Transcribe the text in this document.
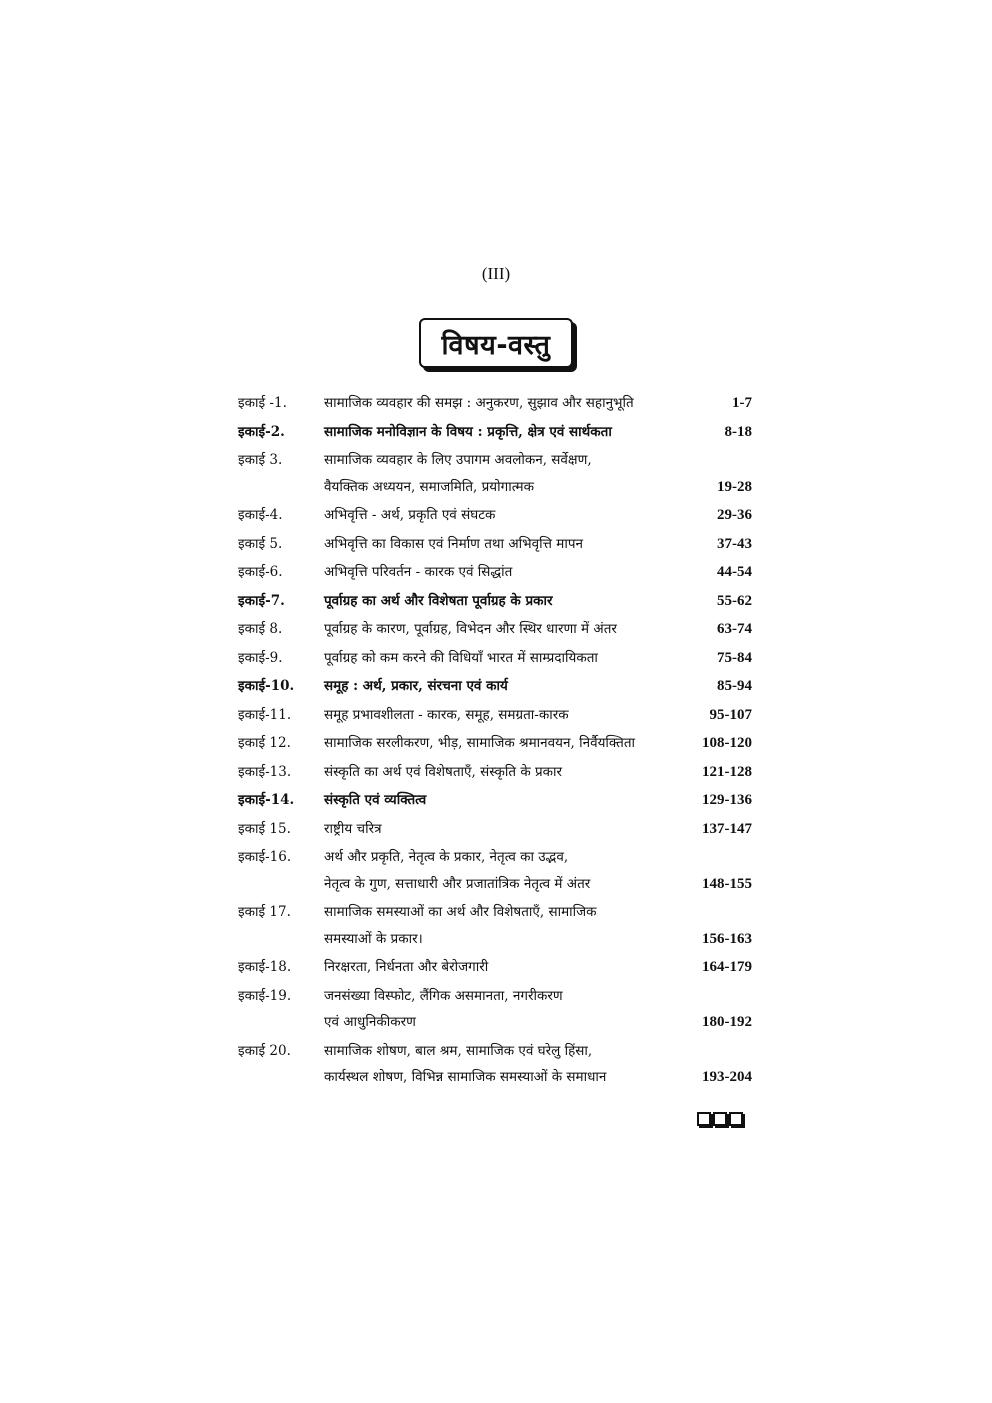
(III)
विषय-वस्तु
इकाई -1.	सामाजिक व्यवहार की समझ : अनुकरण, सुझाव और सहानुभूति	1-7
इकाई-2.	सामाजिक मनोविज्ञान के विषय : प्रकृत्ति, क्षेत्र एवं सार्थकता	8-18
इकाई 3.	सामाजिक व्यवहार के लिए उपागम अवलोकन, सर्वेक्षण,
वैयक्तिक अध्ययन, समाजमिति, प्रयोगात्मक	19-28
इकाई-4.	अभिवृत्ति - अर्थ, प्रकृति एवं संघटक	29-36
इकाई 5.	अभिवृत्ति का विकास एवं निर्माण तथा अभिवृत्ति मापन	37-43
इकाई-6.	अभिवृत्ति परिवर्तन - कारक एवं सिद्धांत	44-54
इकाई-7.	पूर्वाग्रह का अर्थ और विशेषता पूर्वाग्रह के प्रकार	55-62
इकाई 8.	पूर्वाग्रह के कारण, पूर्वाग्रह, विभेदन और स्थिर धारणा में अंतर	63-74
इकाई-9.	पूर्वाग्रह को कम करने की विधियाँ भारत में साम्प्रदायिकता	75-84
इकाई-10.	समूह : अर्थ, प्रकार, संरचना एवं कार्य	85-94
इकाई-11.	समूह प्रभावशीलता - कारक, समूह, समग्रता-कारक	95-107
इकाई 12.	सामाजिक सरलीकरण, भीड़, सामाजिक श्रमानवयन, निर्वैयक्तिता	108-120
इकाई-13.	संस्कृति का अर्थ एवं विशेषताएँ, संस्कृति के प्रकार	121-128
इकाई-14.	संस्कृति एवं व्यक्तित्व	129-136
इकाई 15.	राष्ट्रीय चरित्र	137-147
इकाई-16.	अर्थ और प्रकृति, नेतृत्व के प्रकार, नेतृत्व का उद्भव,
नेतृत्व के गुण, सत्ताधारी और प्रजातांत्रिक नेतृत्व में अंतर	148-155
इकाई 17.	सामाजिक समस्याओं का अर्थ और विशेषताएँ, सामाजिक
समस्याओं के प्रकार।	156-163
इकाई-18.	निरक्षरता, निर्धनता और बेरोजगारी	164-179
इकाई-19.	जनसंख्या विस्फोट, लैंगिक असमानता, नगरीकरण
एवं आधुनिकीकरण	180-192
इकाई 20.	सामाजिक शोषण, बाल श्रम, सामाजिक एवं घरेलु हिंसा,
कार्यस्थल शोषण, विभिन्न सामाजिक समस्याओं के समाधान	193-204
